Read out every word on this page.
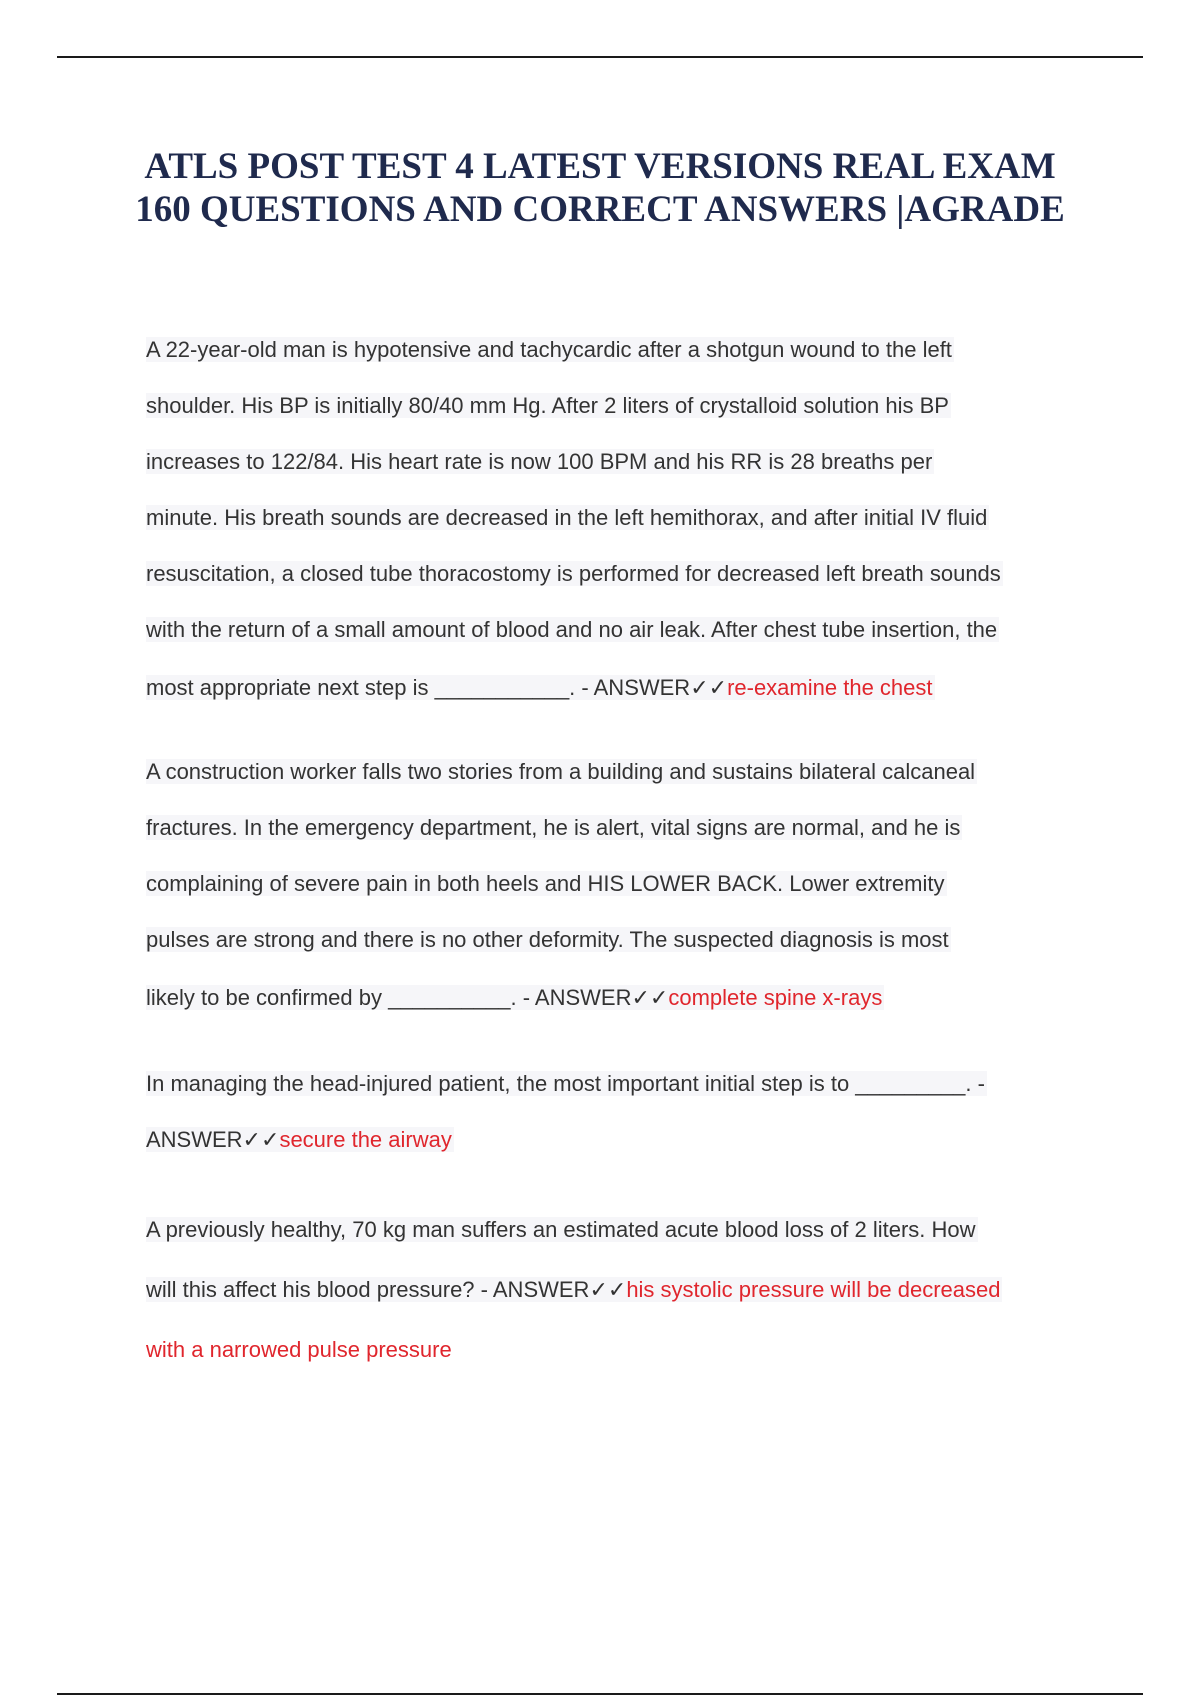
ATLS POST TEST 4 LATEST VERSIONS REAL EXAM
160 QUESTIONS AND CORRECT ANSWERS |AGRADE

A 22-year-old man is hypotensive and tachycardic after a shotgun wound to the left
shoulder. His BP is initially 80/40 mm Hg. After 2 liters of crystalloid solution his BP
increases to 122/84. His heart rate is now 100 BPM and his RR is 28 breaths per
minute. His breath sounds are decreased in the left hemithorax, and after initial IV fluid
resuscitation, a closed tube thoracostomy is performed for decreased left breath sounds
with the return of a small amount of blood and no air leak. After chest tube insertion, the
most appropriate next step is ___________. - ANSWER✓✓re-examine the chest

A construction worker falls two stories from a building and sustains bilateral calcaneal
fractures. In the emergency department, he is alert, vital signs are normal, and he is
complaining of severe pain in both heels and HIS LOWER BACK. Lower extremity
pulses are strong and there is no other deformity. The suspected diagnosis is most
likely to be confirmed by __________. - ANSWER✓✓complete spine x-rays

In managing the head-injured patient, the most important initial step is to _________. -
ANSWER✓✓secure the airway

A previously healthy, 70 kg man suffers an estimated acute blood loss of 2 liters. How
will this affect his blood pressure? - ANSWER✓✓his systolic pressure will be decreased
with a narrowed pulse pressure
